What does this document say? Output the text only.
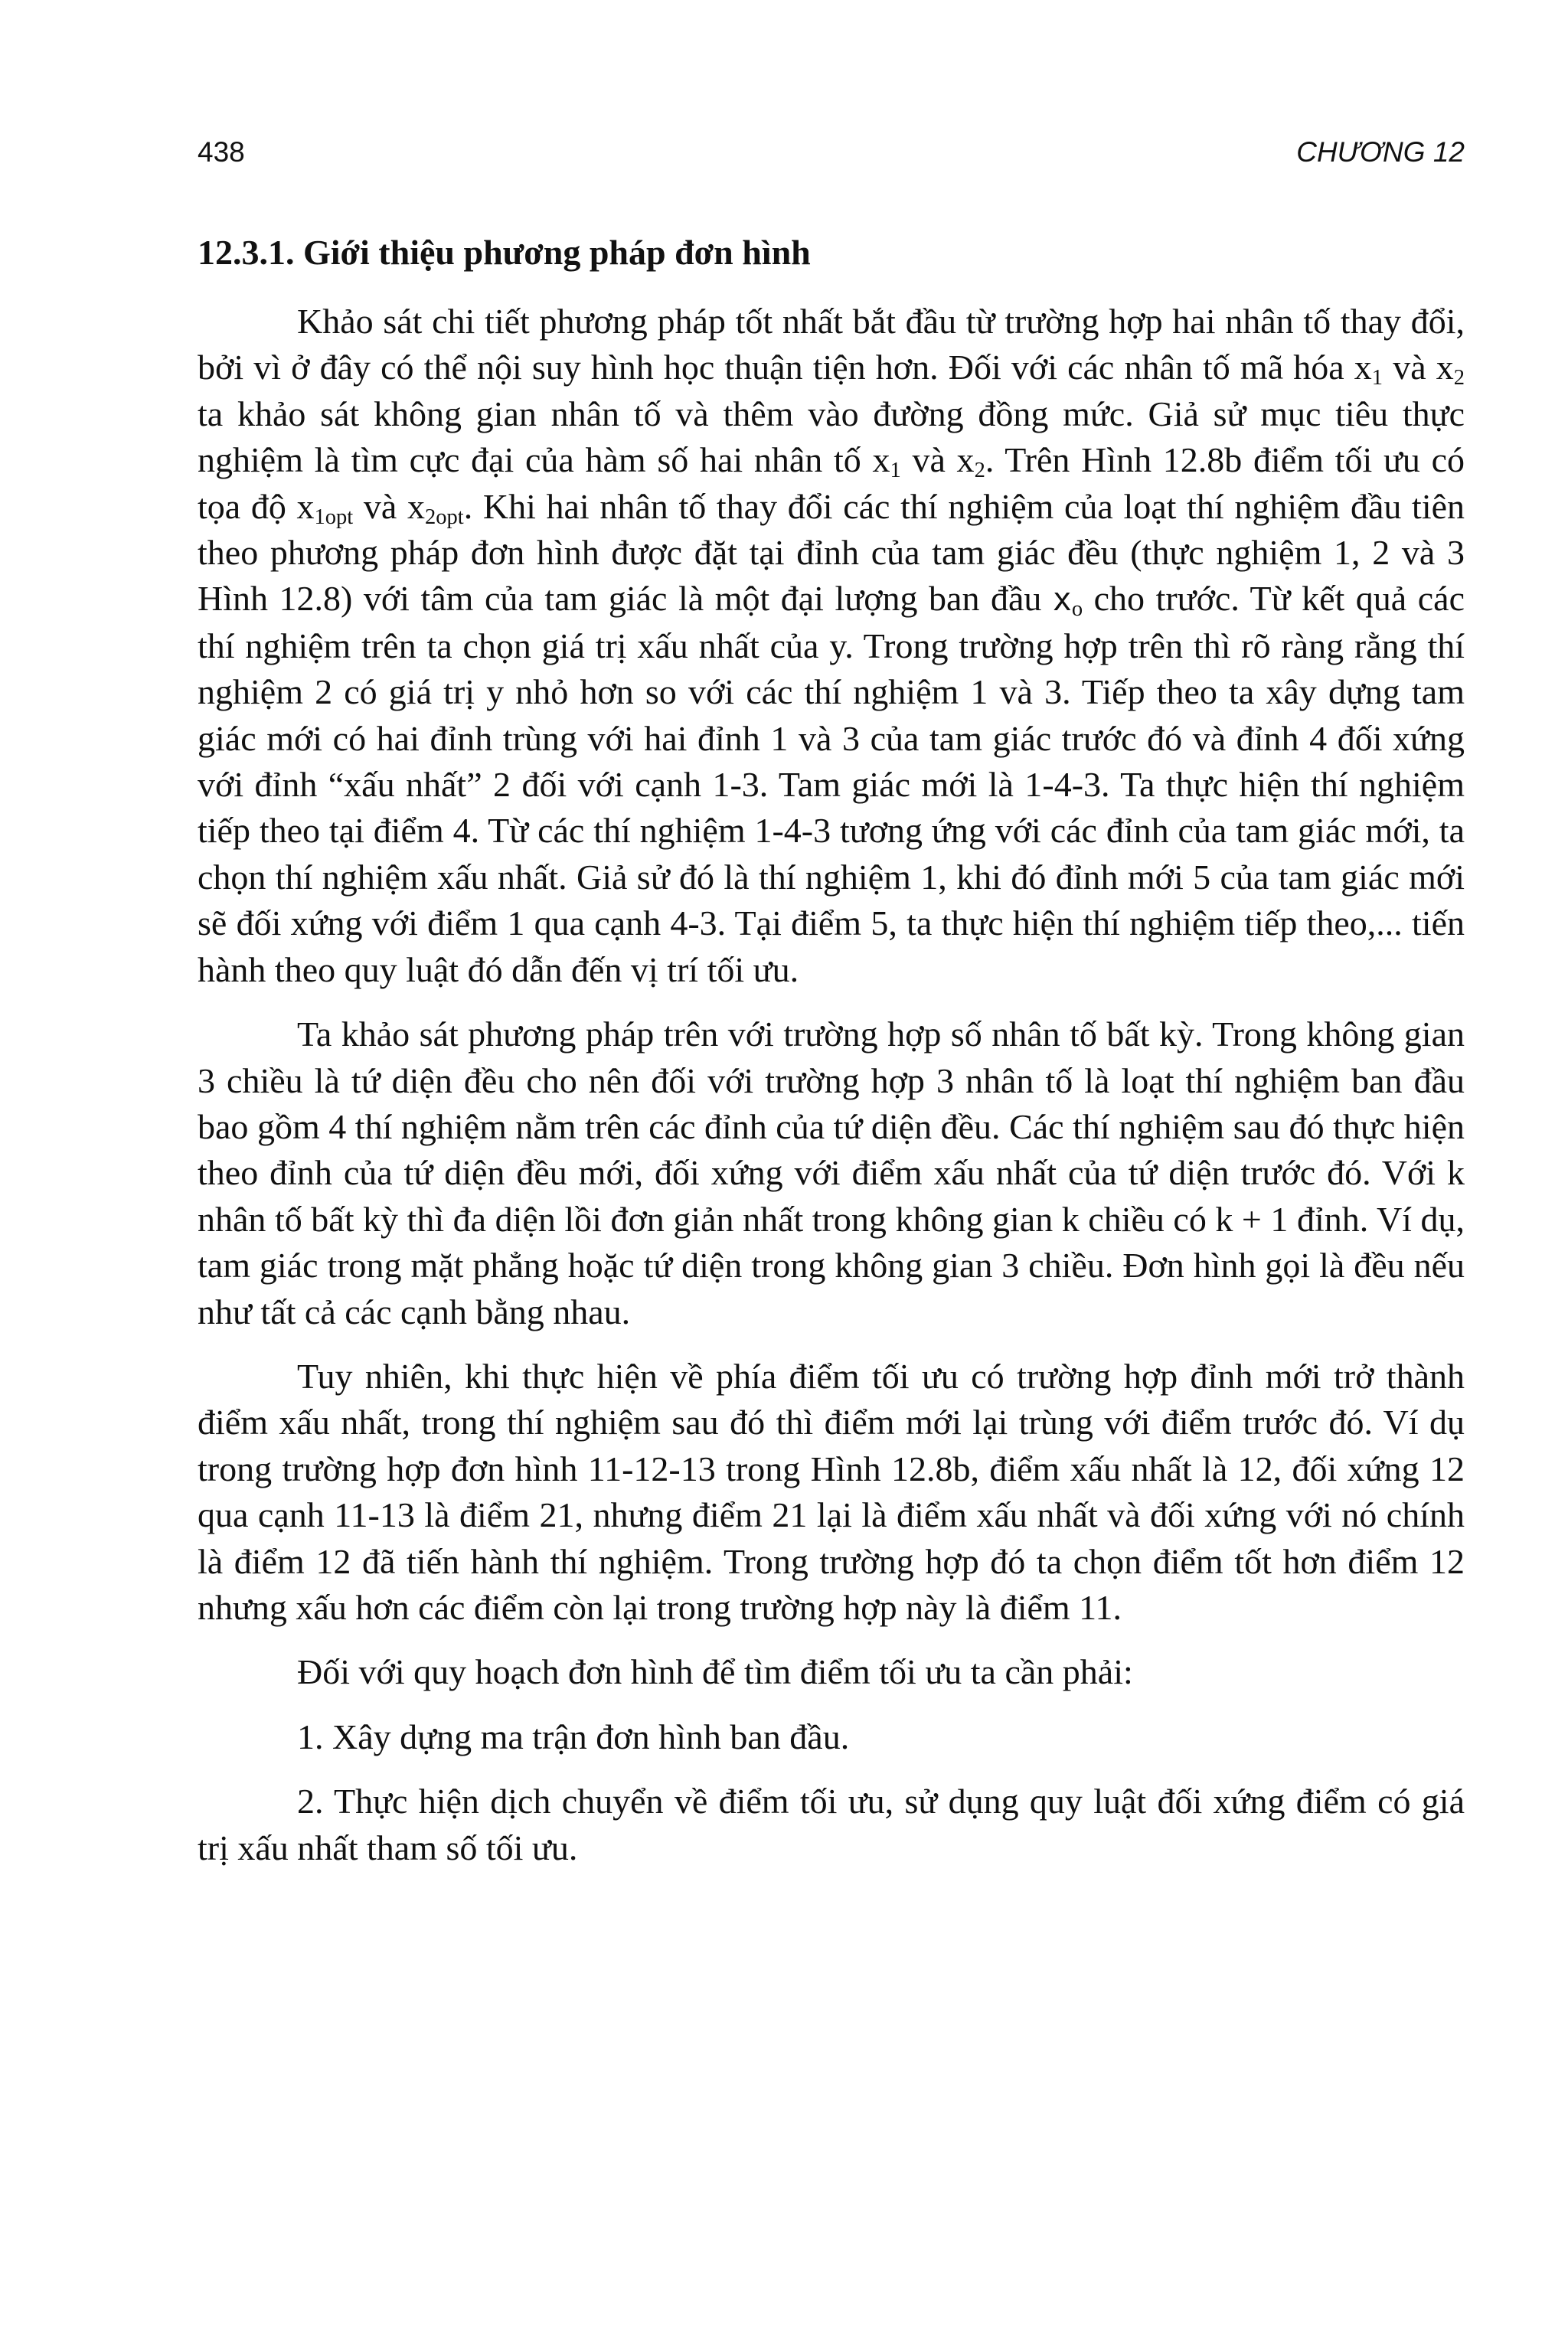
438	CHƯƠNG 12
12.3.1. Giới thiệu phương pháp đơn hình

Khảo sát chi tiết phương pháp tốt nhất bắt đầu từ trường hợp hai nhân tố thay đổi, bởi vì ở đây có thể nội suy hình học thuận tiện hơn. Đối với các nhân tố mã hóa $x_1$ và $x_2$ ta khảo sát không gian nhân tố và thêm vào đường đồng mức. Giả sử mục tiêu thực nghiệm là tìm cực đại của hàm số hai nhân tố $x_1$ và $x_2$. Trên Hình 12.8b điểm tối ưu có tọa độ $x_{1opt}$ và $x_{2opt}$. Khi hai nhân tố thay đổi các thí nghiệm của loạt thí nghiệm đầu tiên theo phương pháp đơn hình được đặt tại đỉnh của tam giác đều (thực nghiệm 1, 2 và 3 Hình 12.8) với tâm của tam giác là một đại lượng ban đầu $x_o$ cho trước. Từ kết quả các thí nghiệm trên ta chọn giá trị xấu nhất của y. Trong trường hợp trên thì rõ ràng rằng thí nghiệm 2 có giá trị y nhỏ hơn so với các thí nghiệm 1 và 3. Tiếp theo ta xây dựng tam giác mới có hai đỉnh trùng với hai đỉnh 1 và 3 của tam giác trước đó và đỉnh 4 đối xứng với đỉnh “xấu nhất” 2 đối với cạnh 1-3. Tam giác mới là 1-4-3. Ta thực hiện thí nghiệm tiếp theo tại điểm 4. Từ các thí nghiệm 1-4-3 tương ứng với các đỉnh của tam giác mới, ta chọn thí nghiệm xấu nhất. Giả sử đó là thí nghiệm 1, khi đó đỉnh mới 5 của tam giác mới sẽ đối xứng với điểm 1 qua cạnh 4-3. Tại điểm 5, ta thực hiện thí nghiệm tiếp theo,... tiến hành theo quy luật đó dẫn đến vị trí tối ưu.

Ta khảo sát phương pháp trên với trường hợp số nhân tố bất kỳ. Trong không gian 3 chiều là tứ diện đều cho nên đối với trường hợp 3 nhân tố là loạt thí nghiệm ban đầu bao gồm 4 thí nghiệm nằm trên các đỉnh của tứ diện đều. Các thí nghiệm sau đó thực hiện theo đỉnh của tứ diện đều mới, đối xứng với điểm xấu nhất của tứ diện trước đó. Với k nhân tố bất kỳ thì đa diện lồi đơn giản nhất trong không gian k chiều có k + 1 đỉnh. Ví dụ, tam giác trong mặt phẳng hoặc tứ diện trong không gian 3 chiều. Đơn hình gọi là đều nếu như tất cả các cạnh bằng nhau.

Tuy nhiên, khi thực hiện về phía điểm tối ưu có trường hợp đỉnh mới trở thành điểm xấu nhất, trong thí nghiệm sau đó thì điểm mới lại trùng với điểm trước đó. Ví dụ trong trường hợp đơn hình 11-12-13 trong Hình 12.8b, điểm xấu nhất là 12, đối xứng 12 qua cạnh 11-13 là điểm 21, nhưng điểm 21 lại là điểm xấu nhất và đối xứng với nó chính là điểm 12 đã tiến hành thí nghiệm. Trong trường hợp đó ta chọn điểm tốt hơn điểm 12 nhưng xấu hơn các điểm còn lại trong trường hợp này là điểm 11.

Đối với quy hoạch đơn hình để tìm điểm tối ưu ta cần phải:

1. Xây dựng ma trận đơn hình ban đầu.

2. Thực hiện dịch chuyển về điểm tối ưu, sử dụng quy luật đối xứng điểm có giá trị xấu nhất tham số tối ưu.
